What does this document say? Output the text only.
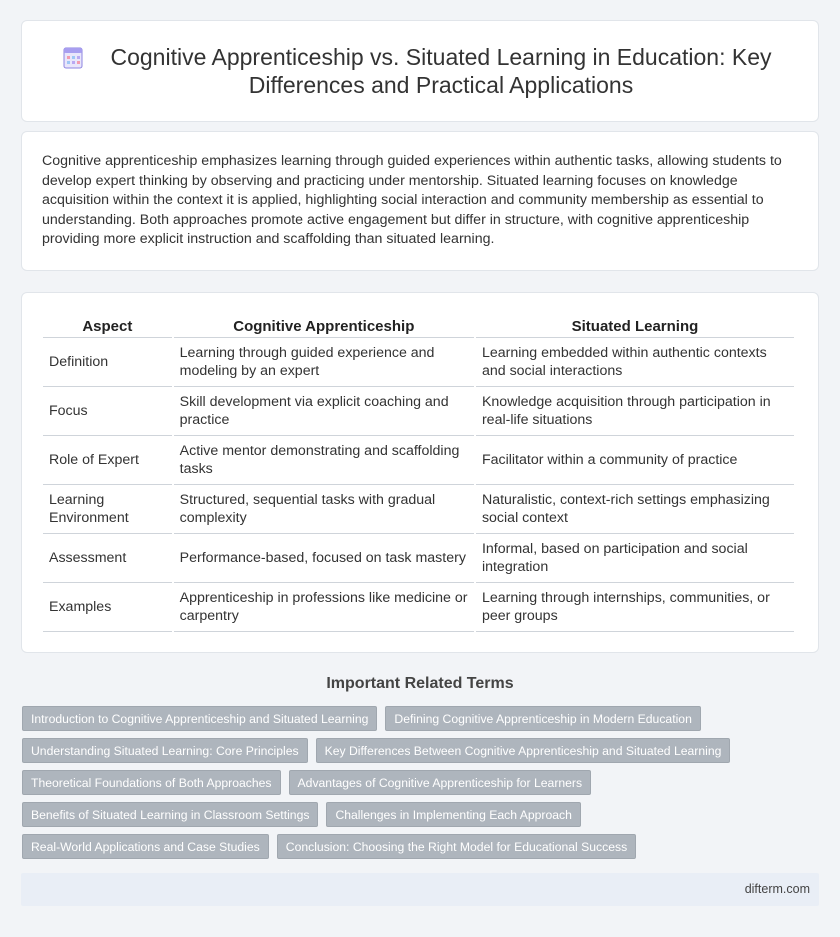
Cognitive Apprenticeship vs. Situated Learning in Education: Key Differences and Practical Applications

Cognitive apprenticeship emphasizes learning through guided experiences within authentic tasks, allowing students to develop expert thinking by observing and practicing under mentorship. Situated learning focuses on knowledge acquisition within the context it is applied, highlighting social interaction and community membership as essential to understanding. Both approaches promote active engagement but differ in structure, with cognitive apprenticeship providing more explicit instruction and scaffolding than situated learning.

Aspect	Cognitive Apprenticeship	Situated Learning
Definition	Learning through guided experience and modeling by an expert	Learning embedded within authentic contexts and social interactions
Focus	Skill development via explicit coaching and practice	Knowledge acquisition through participation in real-life situations
Role of Expert	Active mentor demonstrating and scaffolding tasks	Facilitator within a community of practice
Learning Environment	Structured, sequential tasks with gradual complexity	Naturalistic, context-rich settings emphasizing social context
Assessment	Performance-based, focused on task mastery	Informal, based on participation and social integration
Examples	Apprenticeship in professions like medicine or carpentry	Learning through internships, communities, or peer groups
Important Related Terms
Introduction to Cognitive Apprenticeship and Situated Learning	Defining Cognitive Apprenticeship in Modern Education
Understanding Situated Learning: Core Principles	Key Differences Between Cognitive Apprenticeship and Situated Learning
Theoretical Foundations of Both Approaches	Advantages of Cognitive Apprenticeship for Learners
Benefits of Situated Learning in Classroom Settings	Challenges in Implementing Each Approach
Real-World Applications and Case Studies	Conclusion: Choosing the Right Model for Educational Success
difterm.com
